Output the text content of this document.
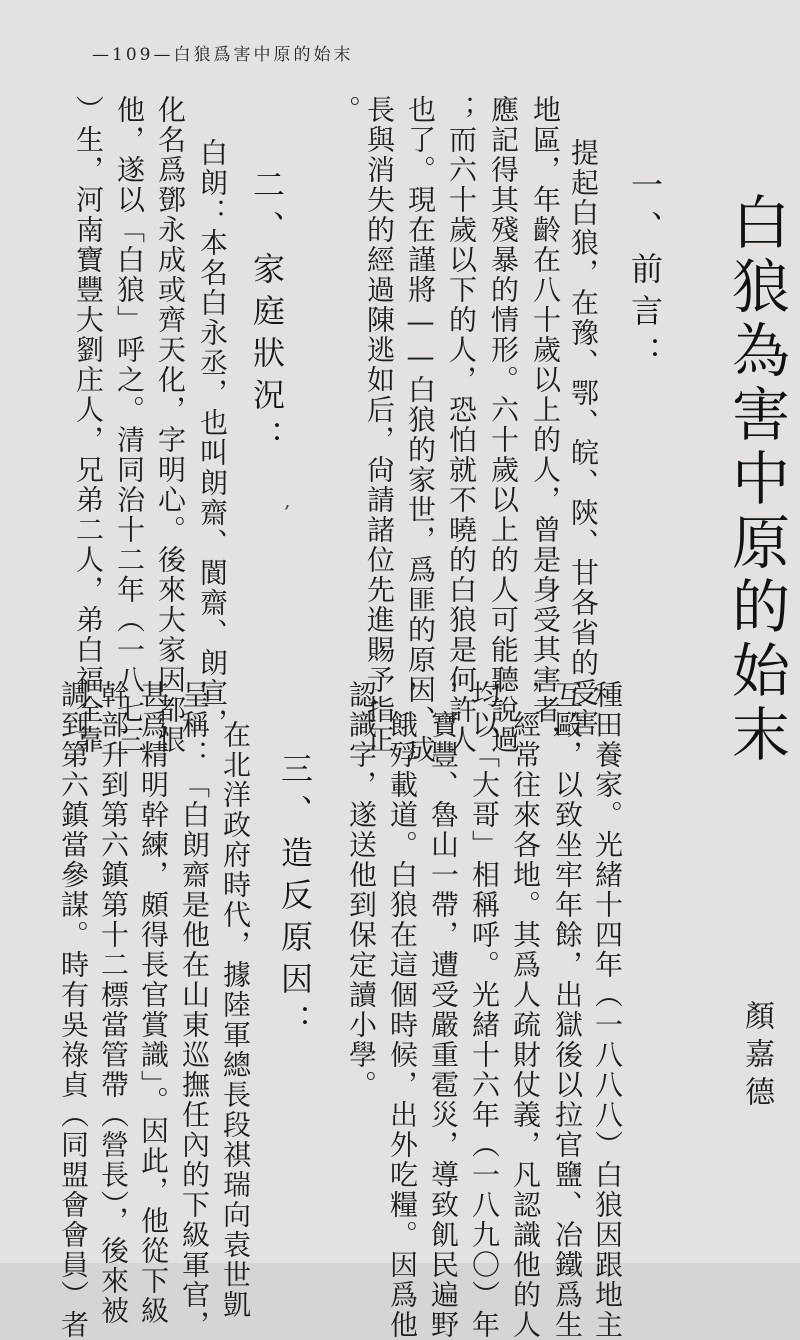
—109—白狼爲害中原的始末
白狼為害中原的始末
顏嘉德
一、前言：
提起白狼，在豫、鄂、皖、陝、甘各省的受害
地區，年齡在八十歲以上的人，曾是身受其害者，
應記得其殘暴的情形。六十歲以上的人可能聽說過
；而六十歲以下的人，恐怕就不曉的白狼是何許人
也了。現在謹將——白狼的家世，爲匪的原因、成
長與消失的經過陳逃如后，尙請諸位先進賜予指正
。
二、家庭狀況：
‚
白朗：本名白永丞，也叫朗齋、閬齋、朗宣，
化名爲鄧永成或齊天化，字明心。後來大家因都恨
他，遂以「白狼」呼之。清同治十二年（一八七三
）生，河南寶豐大劉庄人，兄弟二人，弟白福全靠
種田養家。光緒十四年（一八八八）白狼因跟地主
互毆，以致坐牢年餘，出獄後以拉官鹽、冶鐵爲生
，經常往來各地。其爲人疏財仗義，凡認識他的人
均以「大哥」相稱呼。光緒十六年（一八九〇）年
，寶豐、魯山一帶，遭受嚴重雹災，導致飢民遍野
，餓殍載道。白狼在這個時候，出外吃糧。因爲他
認識字，遂送他到保定讀小學。
三、造反原因：
在北洋政府時代，據陸軍總長段祺瑞向袁世凱
呈稱：「白朗齋是他在山東巡撫任內的下級軍官，
甚爲精明幹練，頗得長官賞識」。因此，他從下級
幹部升到第六鎮第十二標當管帶（營長），後來被
調到第六鎮當參謀。時有吳祿貞（同盟會會員）者
